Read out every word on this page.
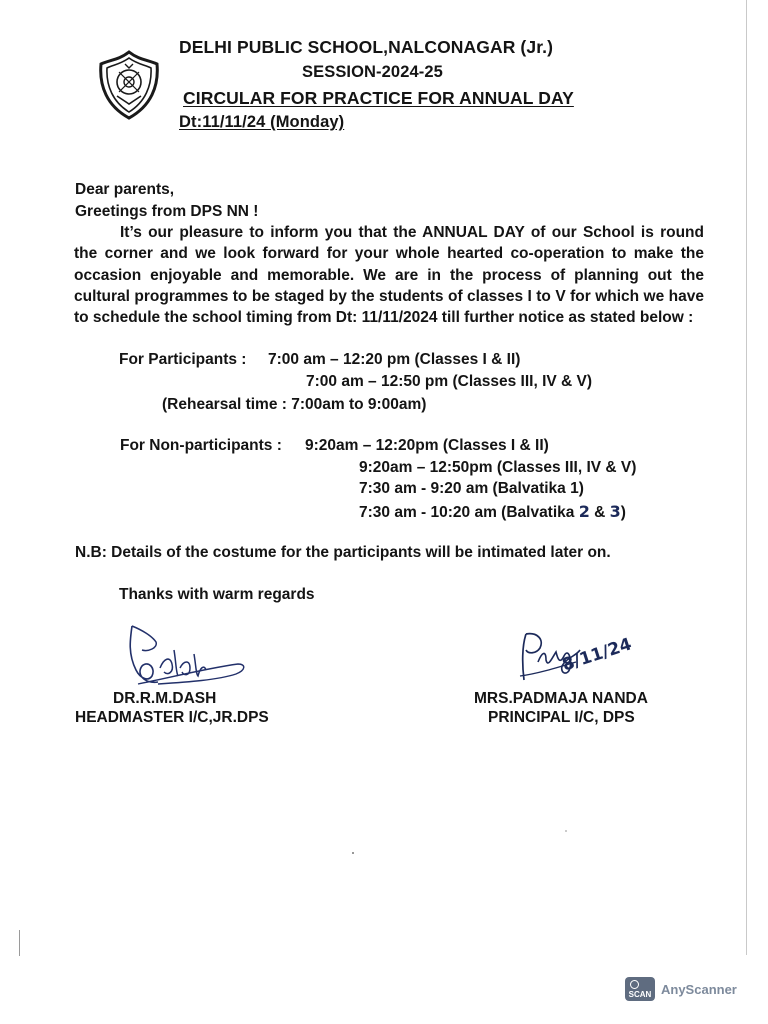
DELHI PUBLIC SCHOOL,NALCONAGAR (Jr.)
SESSION-2024-25
CIRCULAR FOR PRACTICE FOR ANNUAL DAY
Dt:11/11/24 (Monday)
Dear parents,
Greetings from DPS NN !
It’s our pleasure to inform you that the ANNUAL DAY of our School is round the corner and we look forward for your whole hearted co-operation to make the occasion enjoyable and memorable. We are in the process of planning out the cultural programmes to be staged by the students of classes I to V for which we have to schedule the school timing from Dt: 11/11/2024 till further notice as stated below :
For Participants : 7:00 am – 12:20 pm (Classes I & II)
7:00 am – 12:50 pm (Classes III, IV & V)
(Rehearsal time : 7:00am to 9:00am)
For Non-participants : 9:20am – 12:20pm (Classes I & II)
9:20am – 12:50pm (Classes III, IV & V)
7:30 am - 9:20 am (Balvatika 1)
7:30 am - 10:20 am (Balvatika 2 & 3)
N.B: Details of the costume for the participants will be intimated later on.
Thanks with warm regards
DR.R.M.DASH
HEADMASTER I/C,JR.DPS
8/11/24
MRS.PADMAJA NANDA
PRINCIPAL I/C, DPS
SCAN AnyScanner
